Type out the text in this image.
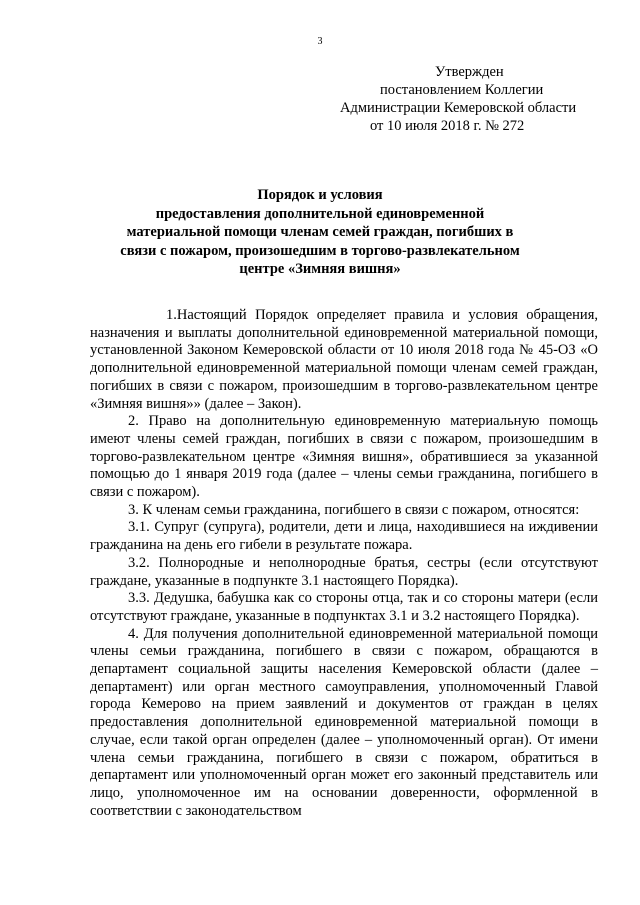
3
Утвержден
постановлением Коллегии
Администрации Кемеровской области
от 10 июля 2018 г. № 272
Порядок и условия
предоставления дополнительной единовременной
материальной помощи членам семей граждан, погибших в
связи с пожаром, произошедшим в торгово-развлекательном
центре «Зимняя вишня»

1.Настоящий Порядок определяет правила и условия обращения, назначения и выплаты дополнительной единовременной материальной помощи, установленной Законом Кемеровской области от 10 июля 2018 года № 45-ОЗ «О дополнительной единовременной материальной помощи членам семей граждан, погибших в связи с пожаром, произошедшим в торгово-развлекательном центре «Зимняя вишня»» (далее – Закон).

2. Право на дополнительную единовременную материальную помощь имеют члены семей граждан, погибших в связи с пожаром, произошедшим в торгово-развлекательном центре «Зимняя вишня», обратившиеся за указанной помощью до 1 января 2019 года (далее – члены семьи гражданина, погибшего в связи с пожаром).

3. К членам семьи гражданина, погибшего в связи с пожаром, относятся:

3.1. Супруг (супруга), родители, дети и лица, находившиеся на иждивении гражданина на день его гибели в результате пожара.

3.2. Полнородные и неполнородные братья, сестры (если отсутствуют граждане, указанные в подпункте 3.1 настоящего Порядка).

3.3. Дедушка, бабушка как со стороны отца, так и со стороны матери (если отсутствуют граждане, указанные в подпунктах 3.1 и 3.2 настоящего Порядка).

4. Для получения дополнительной единовременной материальной помощи члены семьи гражданина, погибшего в связи с пожаром, обращаются в департамент социальной защиты населения Кемеровской области (далее – департамент) или орган местного самоуправления, уполномоченный Главой города Кемерово на прием заявлений и документов от граждан в целях предоставления дополнительной единовременной материальной помощи в случае, если такой орган определен (далее – уполномоченный орган). От имени члена семьи гражданина, погибшего в связи с пожаром, обратиться в департамент или уполномоченный орган может его законный представитель или лицо, уполномоченное им на основании доверенности, оформленной в соответствии с законодательством
